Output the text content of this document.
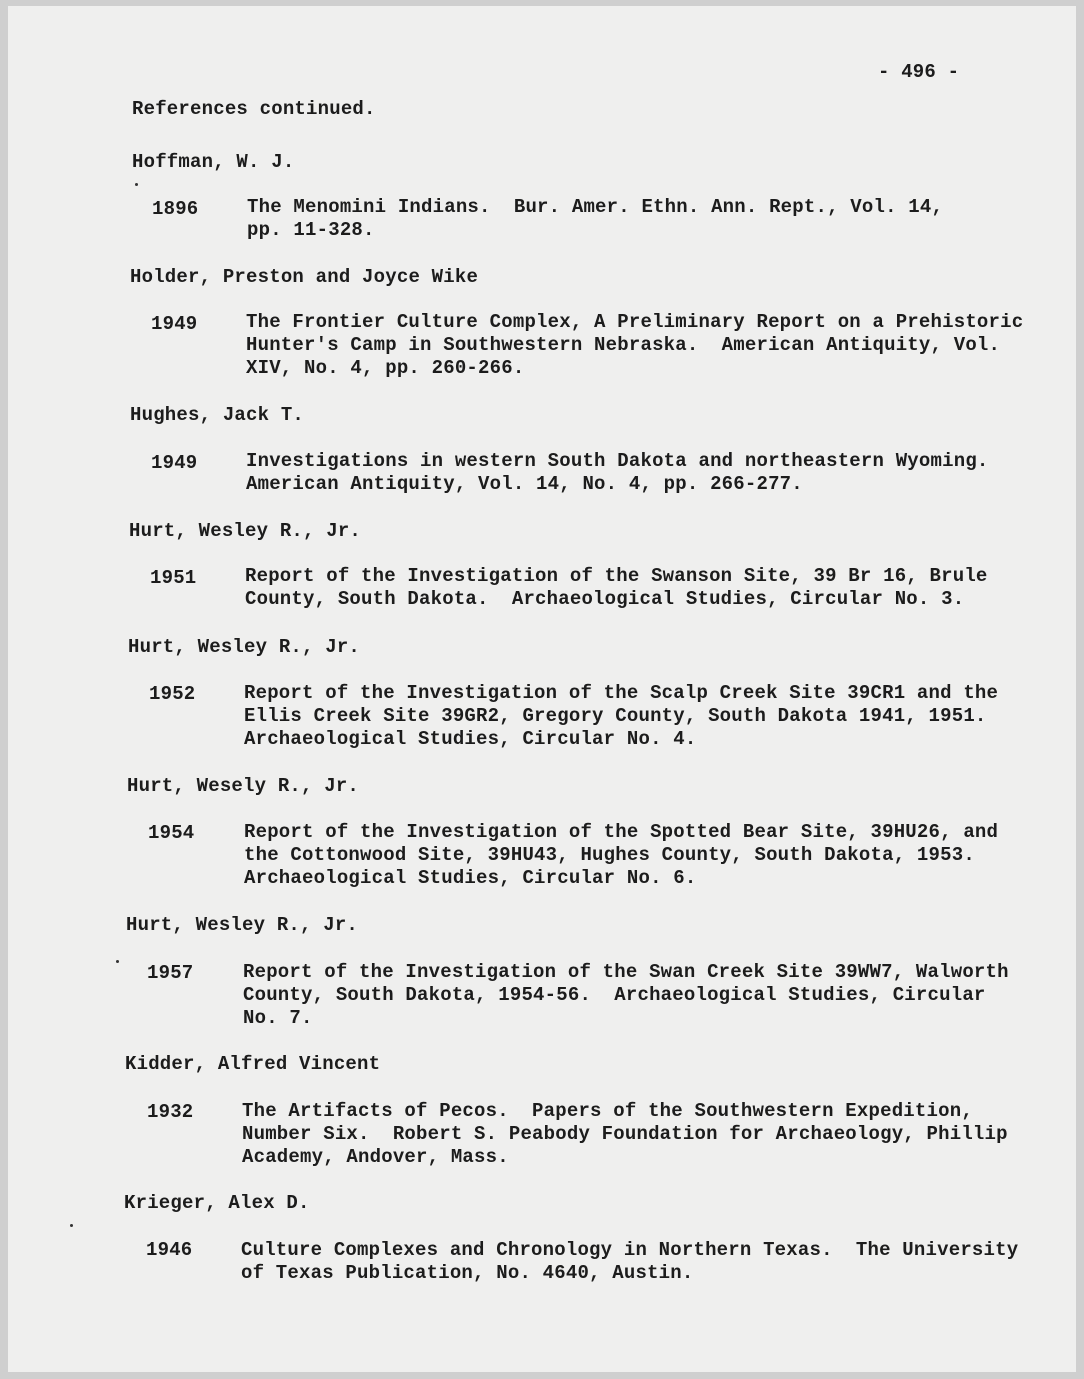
- 496 -
References continued.
Hoffman, W. J.
1896	The Menomini Indians.  Bur. Amer. Ethn. Ann. Rept., Vol. 14,
pp. 11-328.
Holder, Preston and Joyce Wike
1949	The Frontier Culture Complex, A Preliminary Report on a Prehistoric
Hunter's Camp in Southwestern Nebraska.  American Antiquity, Vol.
XIV, No. 4, pp. 260-266.
Hughes, Jack T.
1949	Investigations in western South Dakota and northeastern Wyoming.
American Antiquity, Vol. 14, No. 4, pp. 266-277.
Hurt, Wesley R., Jr.
1951	Report of the Investigation of the Swanson Site, 39 Br 16, Brule
County, South Dakota.  Archaeological Studies, Circular No. 3.
Hurt, Wesley R., Jr.
1952	Report of the Investigation of the Scalp Creek Site 39CR1 and the
Ellis Creek Site 39GR2, Gregory County, South Dakota 1941, 1951.
Archaeological Studies, Circular No. 4.
Hurt, Wesely R., Jr.
1954	Report of the Investigation of the Spotted Bear Site, 39HU26, and
the Cottonwood Site, 39HU43, Hughes County, South Dakota, 1953.
Archaeological Studies, Circular No. 6.
Hurt, Wesley R., Jr.
1957	Report of the Investigation of the Swan Creek Site 39WW7, Walworth
County, South Dakota, 1954-56.  Archaeological Studies, Circular
No. 7.
Kidder, Alfred Vincent
1932	The Artifacts of Pecos.  Papers of the Southwestern Expedition,
Number Six.  Robert S. Peabody Foundation for Archaeology, Phillip
Academy, Andover, Mass.
Krieger, Alex D.
1946	Culture Complexes and Chronology in Northern Texas.  The University
of Texas Publication, No. 4640, Austin.
